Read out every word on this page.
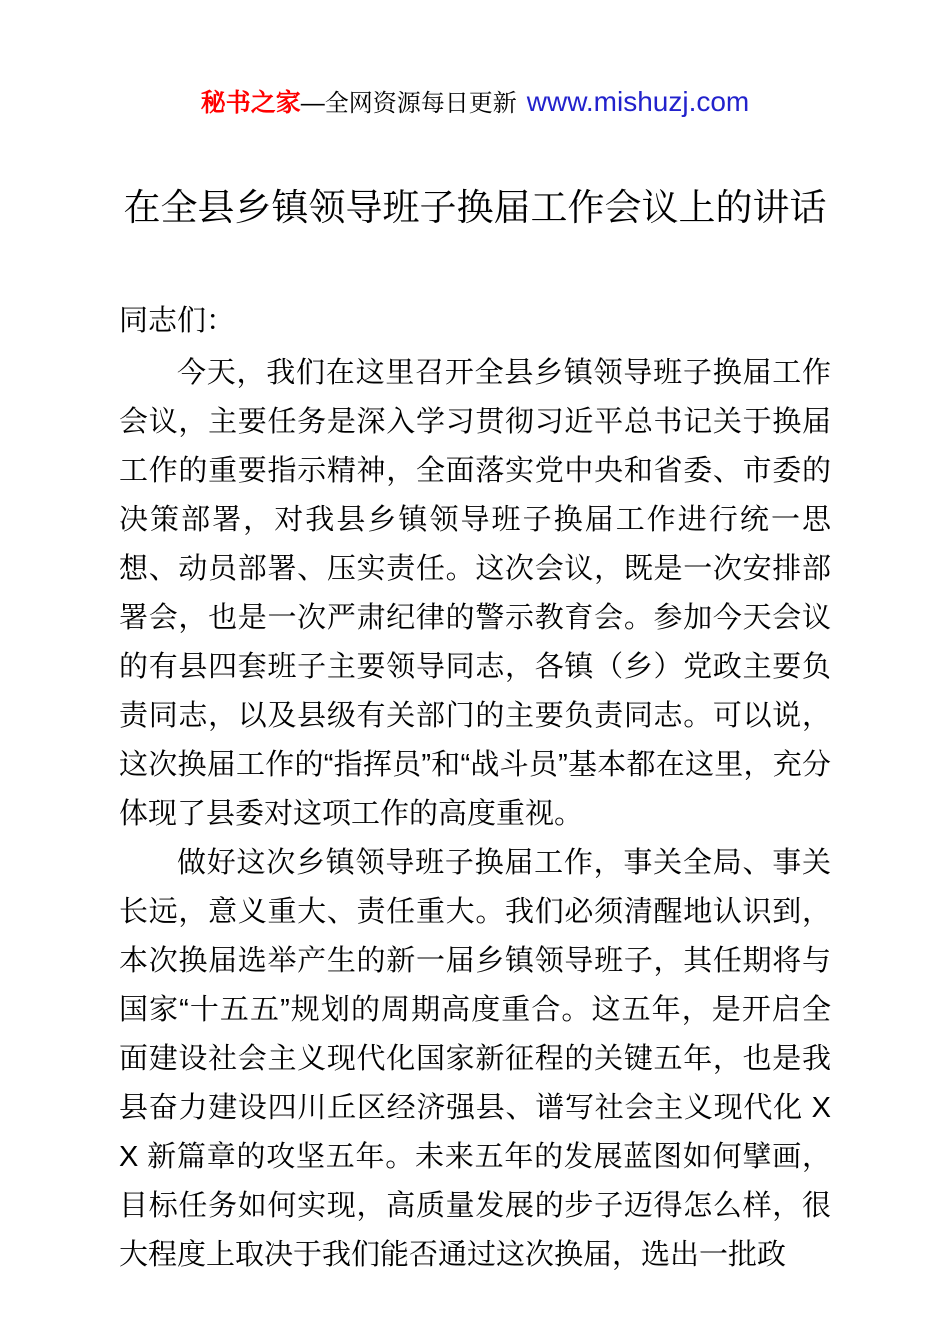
秘书之家—全网资源每日更新 www.mishuzj.com
在全县乡镇领导班子换届工作会议上的讲话

同志们：

今天，我们在这里召开全县乡镇领导班子换届工作会议，主要任务是深入学习贯彻习近平总书记关于换届工作的重要指示精神，全面落实党中央和省委、市委的决策部署，对我县乡镇领导班子换届工作进行统一思想、动员部署、压实责任。这次会议，既是一次安排部署会，也是一次严肃纪律的警示教育会。参加今天会议的有县四套班子主要领导同志，各镇（乡）党政主要负责同志，以及县级有关部门的主要负责同志。可以说，这次换届工作的“指挥员”和“战斗员”基本都在这里，充分体现了县委对这项工作的高度重视。

做好这次乡镇领导班子换届工作，事关全局、事关长远，意义重大、责任重大。我们必须清醒地认识到，本次换届选举产生的新一届乡镇领导班子，其任期将与国家“十五五”规划的周期高度重合。这五年，是开启全面建设社会主义现代化国家新征程的关键五年，也是我县奋力建设四川丘区经济强县、谱写社会主义现代化 XX 新篇章的攻坚五年。未来五年的发展蓝图如何擘画，目标任务如何实现，高质量发展的步子迈得怎么样，很大程度上取决于我们能否通过这次换届，选出一批政
